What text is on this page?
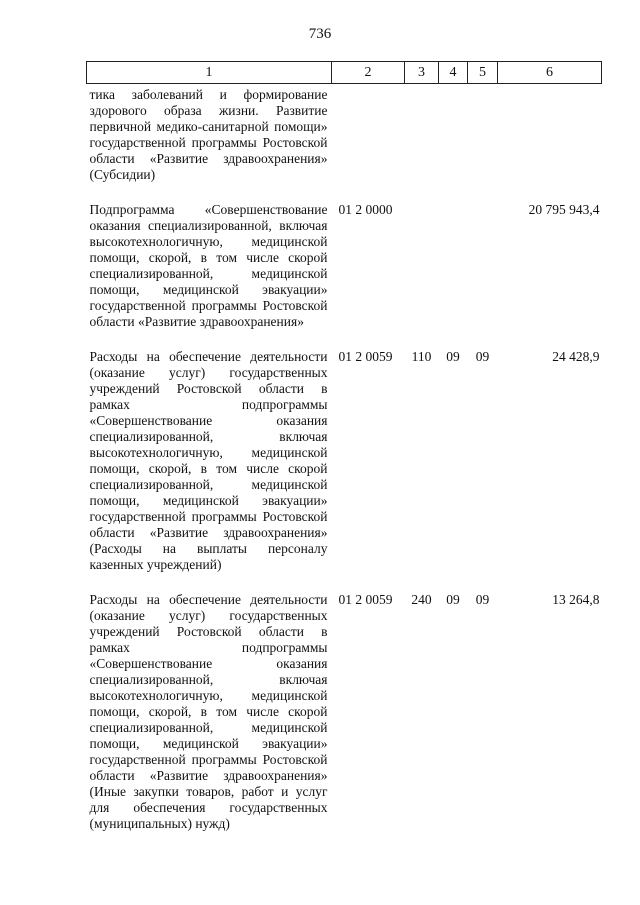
736
1	2	3	4	5	6
тика заболеваний и формирование здорового образа жизни. Развитие первичной медико-санитарной помощи» государственной программы Ростовской области «Развитие здравоохранения» (Субсидии)					
Подпрограмма «Совершенствование оказания специализированной, включая высокотехнологичную, медицинской помощи, скорой, в том числе скорой специализированной, медицинской помощи, медицинской эвакуации» государственной программы Ростовской области «Развитие здравоохранения»	01 2 0000				20 795 943,4
Расходы на обеспечение деятельности (оказание услуг) государственных учреждений Ростовской области в рамках подпрограммы «Совершенствование оказания специализированной, включая высокотехнологичную, медицинской помощи, скорой, в том числе скорой специализированной, медицинской помощи, медицинской эвакуации» государственной программы Ростовской области «Развитие здравоохранения» (Расходы на выплаты персоналу казенных учреждений)	01 2 0059	110	09	09	24 428,9
Расходы на обеспечение деятельности (оказание услуг) государственных учреждений Ростовской области в рамках подпрограммы «Совершенствование оказания специализированной, включая высокотехнологичную, медицинской помощи, скорой, в том числе скорой специализированной, медицинской помощи, медицинской эвакуации» государственной программы Ростовской области «Развитие здравоохранения» (Иные закупки товаров, работ и услуг для обеспечения государственных (муниципальных) нужд)	01 2 0059	240	09	09	13 264,8
